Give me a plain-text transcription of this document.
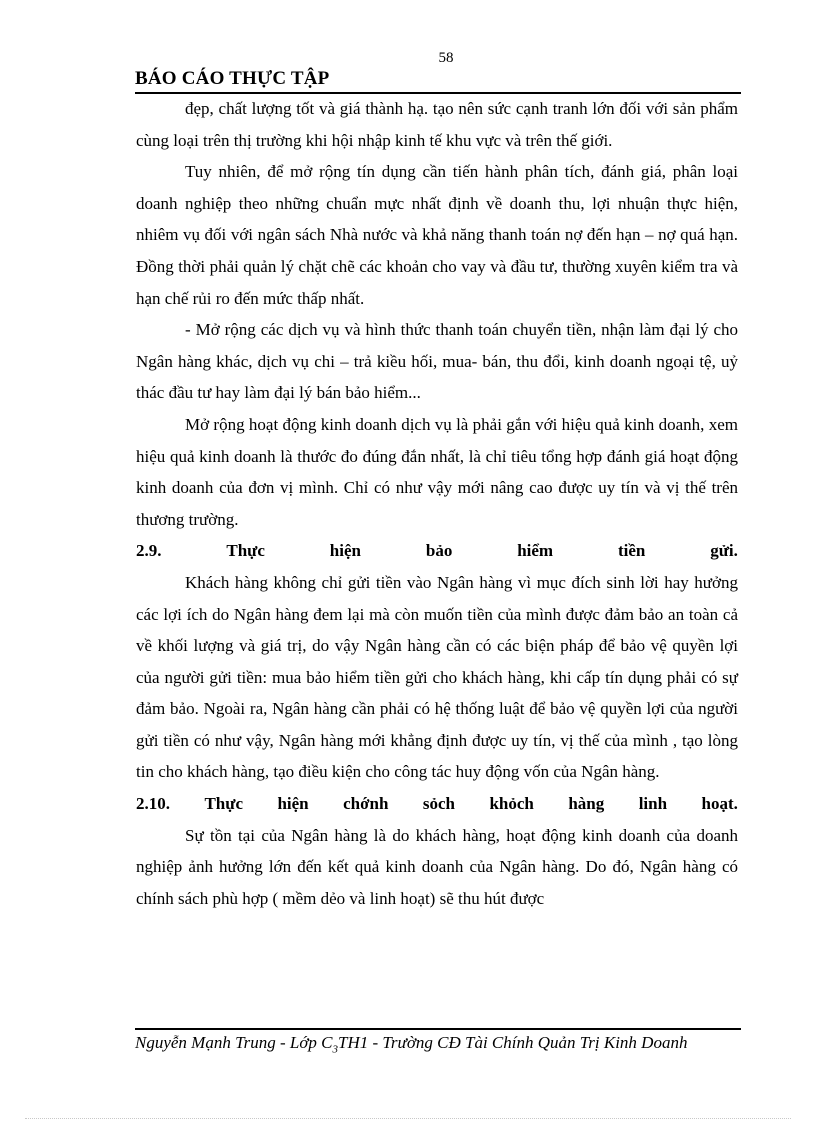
58
BÁO CÁO THỰC TẬP

đẹp, chất lượng tốt và giá thành hạ. tạo nên sức cạnh tranh lớn đối với sản phẩm cùng loại trên thị trường khi hội nhập kinh tế khu vực và trên thế giới.

Tuy nhiên, để mở rộng tín dụng cần tiến hành phân tích, đánh giá, phân loại doanh nghiệp theo những chuẩn mực nhất định về doanh thu, lợi nhuận thực hiện, nhiêm vụ đối với ngân sách Nhà nước và khả năng thanh toán nợ đến hạn – nợ quá hạn. Đồng thời phải quản lý chặt chẽ các khoản cho vay và đầu tư, thường xuyên kiểm tra và hạn chế rủi ro đến mức thấp nhất.

- Mở rộng các dịch vụ và hình thức thanh toán chuyển tiền, nhận làm đại lý cho Ngân hàng khác, dịch vụ chi – trả kiều hối, mua- bán, thu đổi, kinh doanh ngoại tệ, uỷ thác đầu tư hay làm đại lý bán bảo hiểm...

Mở rộng hoạt động kinh doanh dịch vụ là phải gắn với hiệu quả kinh doanh, xem hiệu quả kinh doanh là thước đo đúng đắn nhất, là chỉ tiêu tổng hợp đánh giá hoạt động kinh doanh của đơn vị mình. Chỉ có như vậy mới nâng cao được uy tín và vị thế trên thương trường.

2.9.	Thực	hiện	bảo	hiểm	tiền	gửi.

Khách hàng không chỉ gửi tiền vào Ngân hàng vì mục đích sinh lời hay hưởng các lợi ích do Ngân hàng đem lại mà còn muốn tiền của mình được đảm bảo an toàn cả về khối lượng và giá trị, do vậy Ngân hàng cần có các biện pháp để bảo vệ quyền lợi của người gửi tiền: mua bảo hiểm tiền gửi cho khách hàng, khi cấp tín dụng phải có sự đảm bảo. Ngoài ra, Ngân hàng cần phải có hệ thống luật để bảo vệ quyền lợi của người gửi tiền có như vậy, Ngân hàng mới khẳng định được uy tín, vị thế của mình , tạo lòng tin cho khách hàng, tạo điều kiện cho công tác huy động vốn của Ngân hàng.

2.10. Thực hiện chớnh sỏch khỏch hàng linh hoạt.

Sự tồn tại của Ngân hàng là do khách hàng, hoạt động kinh doanh của doanh nghiệp ảnh hưởng lớn đến kết quả kinh doanh của Ngân hàng. Do đó, Ngân hàng có chính sách phù hợp ( mềm dẻo và linh hoạt) sẽ thu hút được

Nguyễn Mạnh Trung - Lớp $C_3TH1$ - Trường CĐ Tài Chính Quản Trị Kinh Doanh
